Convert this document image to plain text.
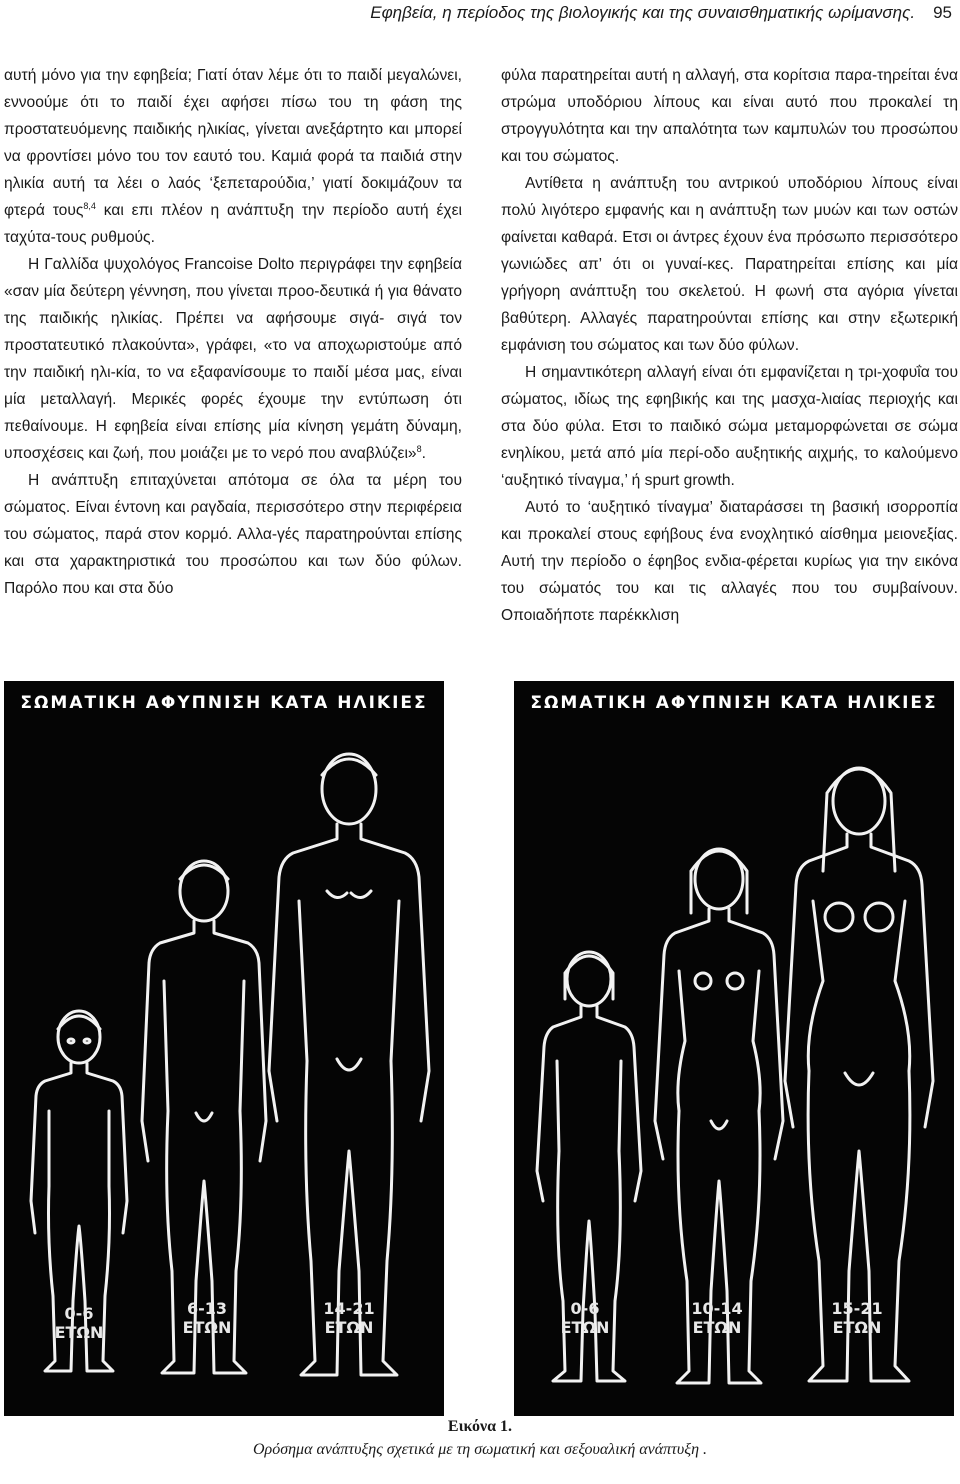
Εφηβεία, η περίοδος της βιολογικής και της συναισθηματικής ωρίμανσης. 95

αυτή μόνο για την εφηβεία; Γιατί όταν λέμε ότι το παιδί μεγαλώνει, εννοούμε ότι το παιδί έχει αφήσει πίσω του τη φάση της προστατευόμενης παιδικής ηλικίας, γίνεται ανεξάρτητο και μπορεί να φροντίσει μόνο του τον εαυτό του. Καμιά φορά τα παιδιά στην ηλικία αυτή τα λέει ο λαός ‘ξεπεταρούδια,’ γιατί δοκιμάζουν τα φτερά τους$^{8,4}$ και επι πλέον η ανάπτυξη την περίοδο αυτή έχει ταχύτα-τους ρυθμούς.

Η Γαλλίδα ψυχολόγος Francoise Dolto περιγράφει την εφηβεία «σαν μία δεύτερη γέννηση, που γίνεται προο-δευτικά ή για θάνατο της παιδικής ηλικίας. Πρέπει να αφήσουμε σιγά- σιγά τον προστατευτικό πλακούντα», γράφει, «το να αποχωριστούμε από την παιδική ηλι-κία, το να εξαφανίσουμε το παιδί μέσα μας, είναι μία μεταλλαγή. Μερικές φορές έχουμε την εντύπωση ότι πεθαίνουμε. Η εφηβεία είναι επίσης μία κίνηση γεμάτη δύναμη, υποσχέσεις και ζωή, που μοιάζει με το νερό που αναβλύζει»$^8$.

Η ανάπτυξη επιταχύνεται απότομα σε όλα τα μέρη του σώματος. Είναι έντονη και ραγδαία, περισσότερο στην περιφέρεια του σώματος, παρά στον κορμό. Αλλα-γές παρατηρούνται επίσης και στα χαρακτηριστικά του προσώπου και των δύο φύλων. Παρόλο που και στα δύο

φύλα παρατηρείται αυτή η αλλαγή, στα κορίτσια παρα-τηρείται ένα στρώμα υποδόριου λίπους και είναι αυτό που προκαλεί τη στρογγυλότητα και την απαλότητα των καμπυλών του προσώπου και του σώματος.

Αντίθετα η ανάπτυξη του αντρικού υποδόριου λίπους είναι πολύ λιγότερο εμφανής και η ανάπτυξη των μυών και των οστών φαίνεται καθαρά. Ετσι οι άντρες έχουν ένα πρόσωπο περισσότερο γωνιώδες απ’ ότι οι γυναί-κες. Παρατηρείται επίσης και μία γρήγορη ανάπτυξη του σκελετού. Η φωνή στα αγόρια γίνεται βαθύτερη. Αλλαγές παρατηρούνται επίσης και στην εξωτερική εμφάνιση του σώματος και των δύο φύλων.

Η σημαντικότερη αλλαγή είναι ότι εμφανίζεται η τρι-χοφυΐα του σώματος, ιδίως της εφηβικής και της μασχα-λιαίας περιοχής και στα δύο φύλα. Ετσι το παιδικό σώμα μεταμορφώνεται σε σώμα ενηλίκου, μετά από μία περί-οδο αυξητικής αιχμής, το καλούμενο ‘αυξητικό τίναγμα,’ ή spurt growth.

Αυτό το ‘αυξητικό τίναγμα’ διαταράσσει τη βασική ισορροπία και προκαλεί στους εφήβους ένα ενοχλητικό αίσθημα μειονεξίας. Αυτή την περίοδο ο έφηβος ενδια-φέρεται κυρίως για την εικόνα του σώματός του και τις αλλαγές που του συμβαίνουν. Οποιαδήποτε παρέκκλιση

ΣΩΜΑΤΙΚΗ ΑΦΥΠΝΙΣΗ ΚΑΤΑ ΗΛΙΚΙΕΣ
0-6
ΕΤΩΝ
6-13
ΕΤΩΝ
14-21
ΕΤΩΝ
ΣΩΜΑΤΙΚΗ ΑΦΥΠΝΙΣΗ ΚΑΤΑ ΗΛΙΚΙΕΣ
0-6
ΕΤΩΝ
10-14
ΕΤΩΝ
15-21
ΕΤΩΝ
Εικόνα 1.
Ορόσημα ανάπτυξης σχετικά με τη σωματική και σεξουαλική ανάπτυξη .
